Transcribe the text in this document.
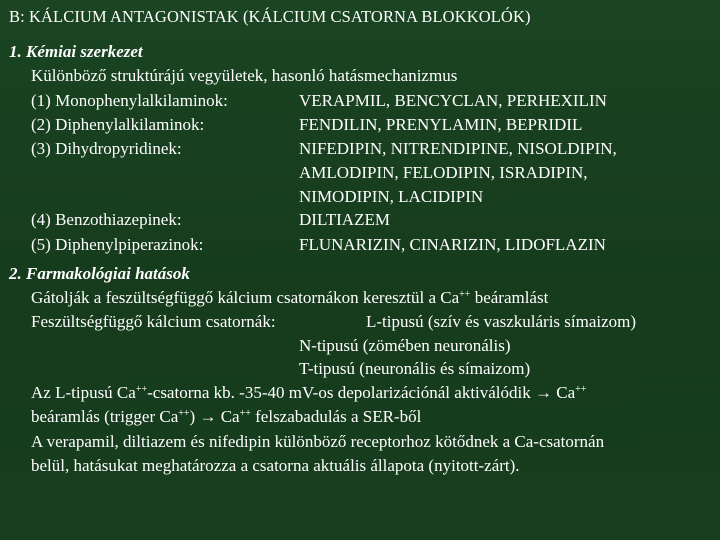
B: KÁLCIUM ANTAGONISTAK (KÁLCIUM CSATORNA BLOKKOLÓK)
1. Kémiai szerkezet
Különböző struktúrájú vegyületek, hasonló hatásmechanizmus
(1) Monophenylalkilaminok:	VERAPMIL, BENCYCLAN, PERHEXILIN
(2) Diphenylalkilaminok:	FENDILIN, PRENYLAMIN, BEPRIDIL
(3) Dihydropyridinek:	NIFEDIPIN, NITRENDIPINE, NISOLDIPIN,
AMLODIPIN, FELODIPIN, ISRADIPIN,
NIMODIPIN, LACIDIPIN
(4) Benzothiazepinek:	DILTIAZEM
(5) Diphenylpiperazinok:	FLUNARIZIN, CINARIZIN, LIDOFLAZIN
2. Farmakológiai hatások
Gátolják a feszültségfüggő kálcium csatornákon keresztül a Ca++ beáramlást
Feszültségfüggő kálcium csatornák:	L-tipusú (szív és vaszkuláris símaizom)
N-tipusú (zömében neuronális)
T-tipusú (neuronális és símaizom)
Az L-tipusú Ca++-csatorna kb. -35-40 mV-os depolarizációnál aktiválódik → Ca++
beáramlás (trigger Ca++) → Ca++ felszabadulás a SER-ből
A verapamil, diltiazem és nifedipin különböző receptorhoz kötődnek a Ca-csatornán
belül, hatásukat meghatározza a csatorna aktuális állapota (nyitott-zárt).
